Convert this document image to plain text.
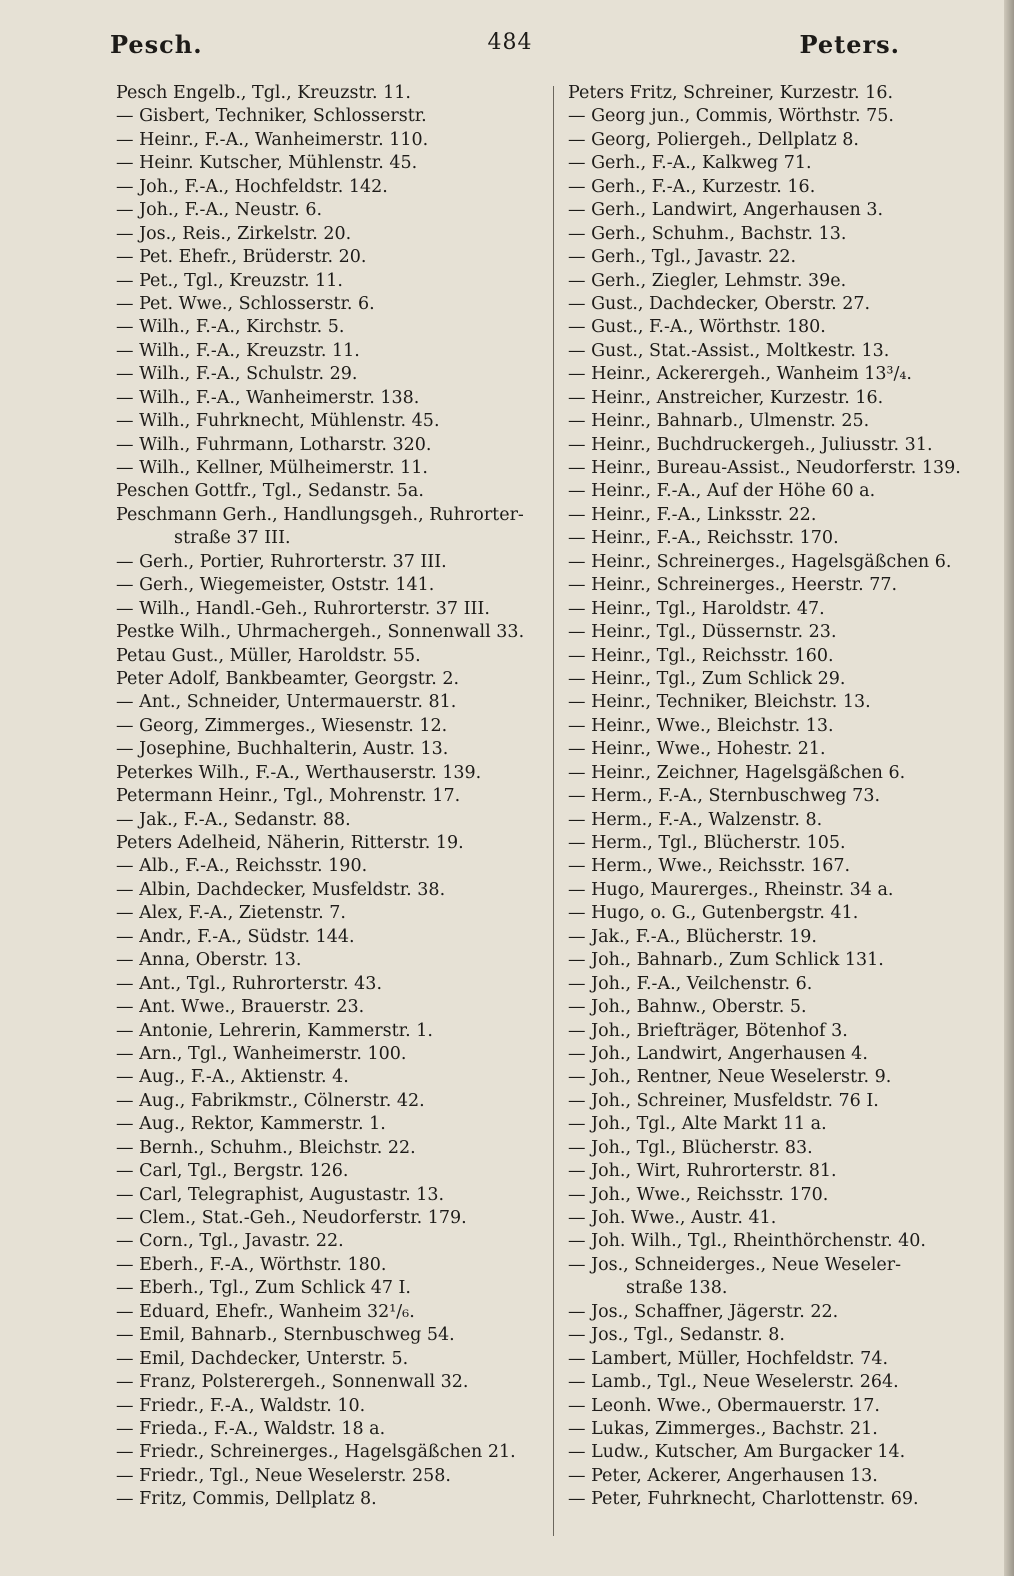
Pesch.	484	Peters.
Pesch Engelb., Tgl., Kreuzstr. 11.
— Gisbert, Techniker, Schlosserstr.
— Heinr., F.-A., Wanheimerstr. 110.
— Heinr. Kutscher, Mühlenstr. 45.
— Joh., F.-A., Hochfeldstr. 142.
— Joh., F.-A., Neustr. 6.
— Jos., Reis., Zirkelstr. 20.
— Pet. Ehefr., Brüderstr. 20.
— Pet., Tgl., Kreuzstr. 11.
— Pet. Wwe., Schlosserstr. 6.
— Wilh., F.-A., Kirchstr. 5.
— Wilh., F.-A., Kreuzstr. 11.
— Wilh., F.-A., Schulstr. 29.
— Wilh., F.-A., Wanheimerstr. 138.
— Wilh., Fuhrknecht, Mühlenstr. 45.
— Wilh., Fuhrmann, Lotharstr. 320.
— Wilh., Kellner, Mülheimerstr. 11.
Peschen Gottfr., Tgl., Sedanstr. 5a.
Peschmann Gerh., Handlungsgeh., Ruhrorter-
straße 37 III.
— Gerh., Portier, Ruhrorterstr. 37 III.
— Gerh., Wiegemeister, Oststr. 141.
— Wilh., Handl.-Geh., Ruhrorterstr. 37 III.
Pestke Wilh., Uhrmachergeh., Sonnenwall 33.
Petau Gust., Müller, Haroldstr. 55.
Peter Adolf, Bankbeamter, Georgstr. 2.
— Ant., Schneider, Untermauerstr. 81.
— Georg, Zimmerges., Wiesenstr. 12.
— Josephine, Buchhalterin, Austr. 13.
Peterkes Wilh., F.-A., Werthauserstr. 139.
Petermann Heinr., Tgl., Mohrenstr. 17.
— Jak., F.-A., Sedanstr. 88.
Peters Adelheid, Näherin, Ritterstr. 19.
— Alb., F.-A., Reichsstr. 190.
— Albin, Dachdecker, Musfeldstr. 38.
— Alex, F.-A., Zietenstr. 7.
— Andr., F.-A., Südstr. 144.
— Anna, Oberstr. 13.
— Ant., Tgl., Ruhrorterstr. 43.
— Ant. Wwe., Brauerstr. 23.
— Antonie, Lehrerin, Kammerstr. 1.
— Arn., Tgl., Wanheimerstr. 100.
— Aug., F.-A., Aktienstr. 4.
— Aug., Fabrikmstr., Cölnerstr. 42.
— Aug., Rektor, Kammerstr. 1.
— Bernh., Schuhm., Bleichstr. 22.
— Carl, Tgl., Bergstr. 126.
— Carl, Telegraphist, Augustastr. 13.
— Clem., Stat.-Geh., Neudorferstr. 179.
— Corn., Tgl., Javastr. 22.
— Eberh., F.-A., Wörthstr. 180.
— Eberh., Tgl., Zum Schlick 47 I.
— Eduard, Ehefr., Wanheim 32¹/₆.
— Emil, Bahnarb., Sternbuschweg 54.
— Emil, Dachdecker, Unterstr. 5.
— Franz, Polsterergeh., Sonnenwall 32.
— Friedr., F.-A., Waldstr. 10.
— Frieda., F.-A., Waldstr. 18 a.
— Friedr., Schreinerges., Hagelsgäßchen 21.
— Friedr., Tgl., Neue Weselerstr. 258.
— Fritz, Commis, Dellplatz 8.
Peters Fritz, Schreiner, Kurzestr. 16.
— Georg jun., Commis, Wörthstr. 75.
— Georg, Poliergeh., Dellplatz 8.
— Gerh., F.-A., Kalkweg 71.
— Gerh., F.-A., Kurzestr. 16.
— Gerh., Landwirt, Angerhausen 3.
— Gerh., Schuhm., Bachstr. 13.
— Gerh., Tgl., Javastr. 22.
— Gerh., Ziegler, Lehmstr. 39e.
— Gust., Dachdecker, Oberstr. 27.
— Gust., F.-A., Wörthstr. 180.
— Gust., Stat.-Assist., Moltkestr. 13.
— Heinr., Ackerergeh., Wanheim 13³/₄.
— Heinr., Anstreicher, Kurzestr. 16.
— Heinr., Bahnarb., Ulmenstr. 25.
— Heinr., Buchdruckergeh., Juliusstr. 31.
— Heinr., Bureau-Assist., Neudorferstr. 139.
— Heinr., F.-A., Auf der Höhe 60 a.
— Heinr., F.-A., Linksstr. 22.
— Heinr., F.-A., Reichsstr. 170.
— Heinr., Schreinerges., Hagelsgäßchen 6.
— Heinr., Schreinerges., Heerstr. 77.
— Heinr., Tgl., Haroldstr. 47.
— Heinr., Tgl., Düssernstr. 23.
— Heinr., Tgl., Reichsstr. 160.
— Heinr., Tgl., Zum Schlick 29.
— Heinr., Techniker, Bleichstr. 13.
— Heinr., Wwe., Bleichstr. 13.
— Heinr., Wwe., Hohestr. 21.
— Heinr., Zeichner, Hagelsgäßchen 6.
— Herm., F.-A., Sternbuschweg 73.
— Herm., F.-A., Walzenstr. 8.
— Herm., Tgl., Blücherstr. 105.
— Herm., Wwe., Reichsstr. 167.
— Hugo, Maurerges., Rheinstr. 34 a.
— Hugo, o. G., Gutenbergstr. 41.
— Jak., F.-A., Blücherstr. 19.
— Joh., Bahnarb., Zum Schlick 131.
— Joh., F.-A., Veilchenstr. 6.
— Joh., Bahnw., Oberstr. 5.
— Joh., Briefträger, Bötenhof 3.
— Joh., Landwirt, Angerhausen 4.
— Joh., Rentner, Neue Weselerstr. 9.
— Joh., Schreiner, Musfeldstr. 76 I.
— Joh., Tgl., Alte Markt 11 a.
— Joh., Tgl., Blücherstr. 83.
— Joh., Wirt, Ruhrorterstr. 81.
— Joh., Wwe., Reichsstr. 170.
— Joh. Wwe., Austr. 41.
— Joh. Wilh., Tgl., Rheinthörchenstr. 40.
— Jos., Schneiderges., Neue Weseler-
straße 138.
— Jos., Schaffner, Jägerstr. 22.
— Jos., Tgl., Sedanstr. 8.
— Lambert, Müller, Hochfeldstr. 74.
— Lamb., Tgl., Neue Weselerstr. 264.
— Leonh. Wwe., Obermauerstr. 17.
— Lukas, Zimmerges., Bachstr. 21.
— Ludw., Kutscher, Am Burgacker 14.
— Peter, Ackerer, Angerhausen 13.
— Peter, Fuhrknecht, Charlottenstr. 69.
